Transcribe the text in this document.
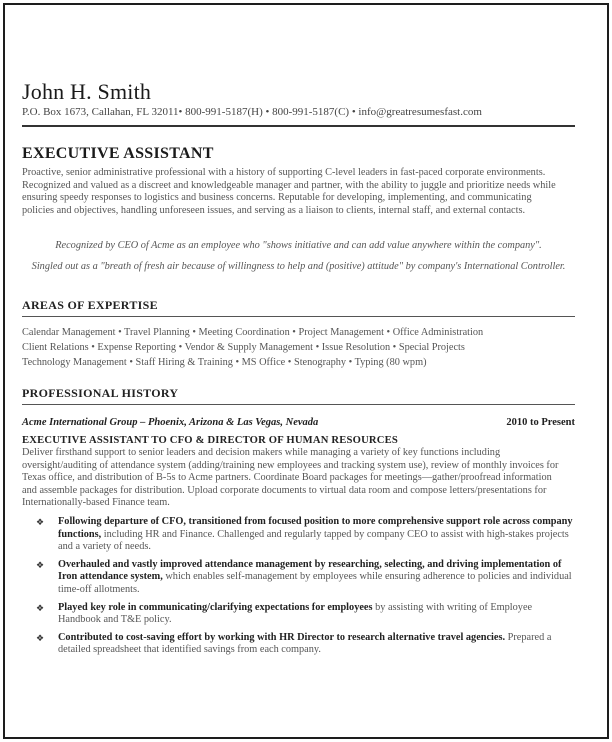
John H. Smith
P.O. Box 1673, Callahan, FL 32011• 800-991-5187(H) • 800-991-5187(C) • info@greatresumesfast.com
EXECUTIVE ASSISTANT
Proactive, senior administrative professional with a history of supporting C-level leaders in fast-paced corporate environments.
Recognized and valued as a discreet and knowledgeable manager and partner, with the ability to juggle and prioritize needs while
ensuring speedy responses to logistics and business concerns. Reputable for developing, implementing, and communicating
policies and objectives, handling unforeseen issues, and serving as a liaison to clients, internal staff, and external contacts.
Recognized by CEO of Acme as an employee who "shows initiative and can add value anywhere within the company".
Singled out as a "breath of fresh air because of willingness to help and (positive) attitude" by company's International Controller.
AREAS OF EXPERTISE
Calendar Management • Travel Planning • Meeting Coordination • Project Management • Office Administration
Client Relations • Expense Reporting • Vendor & Supply Management • Issue Resolution • Special Projects
Technology Management • Staff Hiring & Training • MS Office • Stenography • Typing (80 wpm)
PROFESSIONAL HISTORY
Acme International Group – Phoenix, Arizona & Las Vegas, Nevada	2010 to Present
EXECUTIVE ASSISTANT TO CFO & DIRECTOR OF HUMAN RESOURCES
Deliver firsthand support to senior leaders and decision makers while managing a variety of key functions including
oversight/auditing of attendance system (adding/training new employees and tracking system use), review of monthly invoices for
Texas office, and distribution of B-5s to Acme partners. Coordinate Board packages for meetings—gather/proofread information
and assemble packages for distribution. Upload corporate documents to virtual data room and compose letters/presentations for
Internationally-based Finance team.
❖ Following departure of CFO, transitioned from focused position to more comprehensive support role across company functions, including HR and Finance. Challenged and regularly tapped by company CEO to assist with high-stakes projects and a variety of needs.
❖ Overhauled and vastly improved attendance management by researching, selecting, and driving implementation of Iron attendance system, which enables self-management by employees while ensuring adherence to policies and individual time-off allotments.
❖ Played key role in communicating/clarifying expectations for employees by assisting with writing of Employee Handbook and T&E policy.
❖ Contributed to cost-saving effort by working with HR Director to research alternative travel agencies. Prepared a detailed spreadsheet that identified savings from each company.
